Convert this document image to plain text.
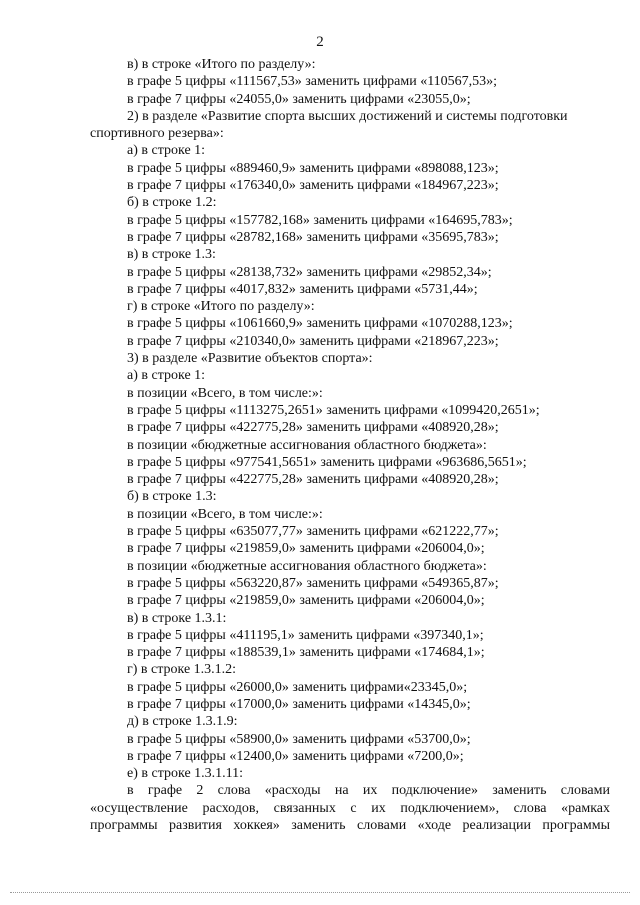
2
в) в строке «Итого по разделу»:
в графе 5 цифры «111567,53» заменить цифрами «110567,53»;
в графе 7 цифры «24055,0» заменить цифрами «23055,0»;
2) в разделе «Развитие спорта высших достижений и системы подготовки
спортивного резерва»:
а) в строке 1:
в графе 5 цифры «889460,9» заменить цифрами «898088,123»;
в графе 7 цифры «176340,0» заменить цифрами «184967,223»;
б) в строке 1.2:
в графе 5 цифры «157782,168» заменить цифрами «164695,783»;
в графе 7 цифры «28782,168» заменить цифрами «35695,783»;
в) в строке 1.3:
в графе 5 цифры «28138,732» заменить цифрами «29852,34»;
в графе 7 цифры «4017,832» заменить цифрами «5731,44»;
г) в строке «Итого по разделу»:
в графе 5 цифры «1061660,9» заменить цифрами «1070288,123»;
в графе 7 цифры «210340,0» заменить цифрами «218967,223»;
3) в разделе «Развитие объектов спорта»:
а) в строке 1:
в позиции «Всего, в том числе:»:
в графе 5 цифры «1113275,2651» заменить цифрами «1099420,2651»;
в графе 7 цифры «422775,28» заменить цифрами «408920,28»;
в позиции «бюджетные ассигнования областного бюджета»:
в графе 5 цифры «977541,5651» заменить цифрами «963686,5651»;
в графе 7 цифры «422775,28» заменить цифрами «408920,28»;
б) в строке 1.3:
в позиции «Всего, в том числе:»:
в графе 5 цифры «635077,77» заменить цифрами «621222,77»;
в графе 7 цифры «219859,0» заменить цифрами «206004,0»;
в позиции «бюджетные ассигнования областного бюджета»:
в графе 5 цифры «563220,87» заменить цифрами «549365,87»;
в графе 7 цифры «219859,0» заменить цифрами «206004,0»;
в) в строке 1.3.1:
в графе 5 цифры «411195,1» заменить цифрами «397340,1»;
в графе 7 цифры «188539,1» заменить цифрами «174684,1»;
г) в строке 1.3.1.2:
в графе 5 цифры «26000,0» заменить цифрами«23345,0»;
в графе 7 цифры «17000,0» заменить цифрами «14345,0»;
д) в строке 1.3.1.9:
в графе 5 цифры «58900,0» заменить цифрами «53700,0»;
в графе 7 цифры «12400,0» заменить цифрами «7200,0»;
е) в строке 1.3.1.11:
в графе 2 слова «расходы на их подключение» заменить словами
«осуществление расходов, связанных с их подключением», слова «рамках
программы развития хоккея» заменить словами «ходе реализации программы
